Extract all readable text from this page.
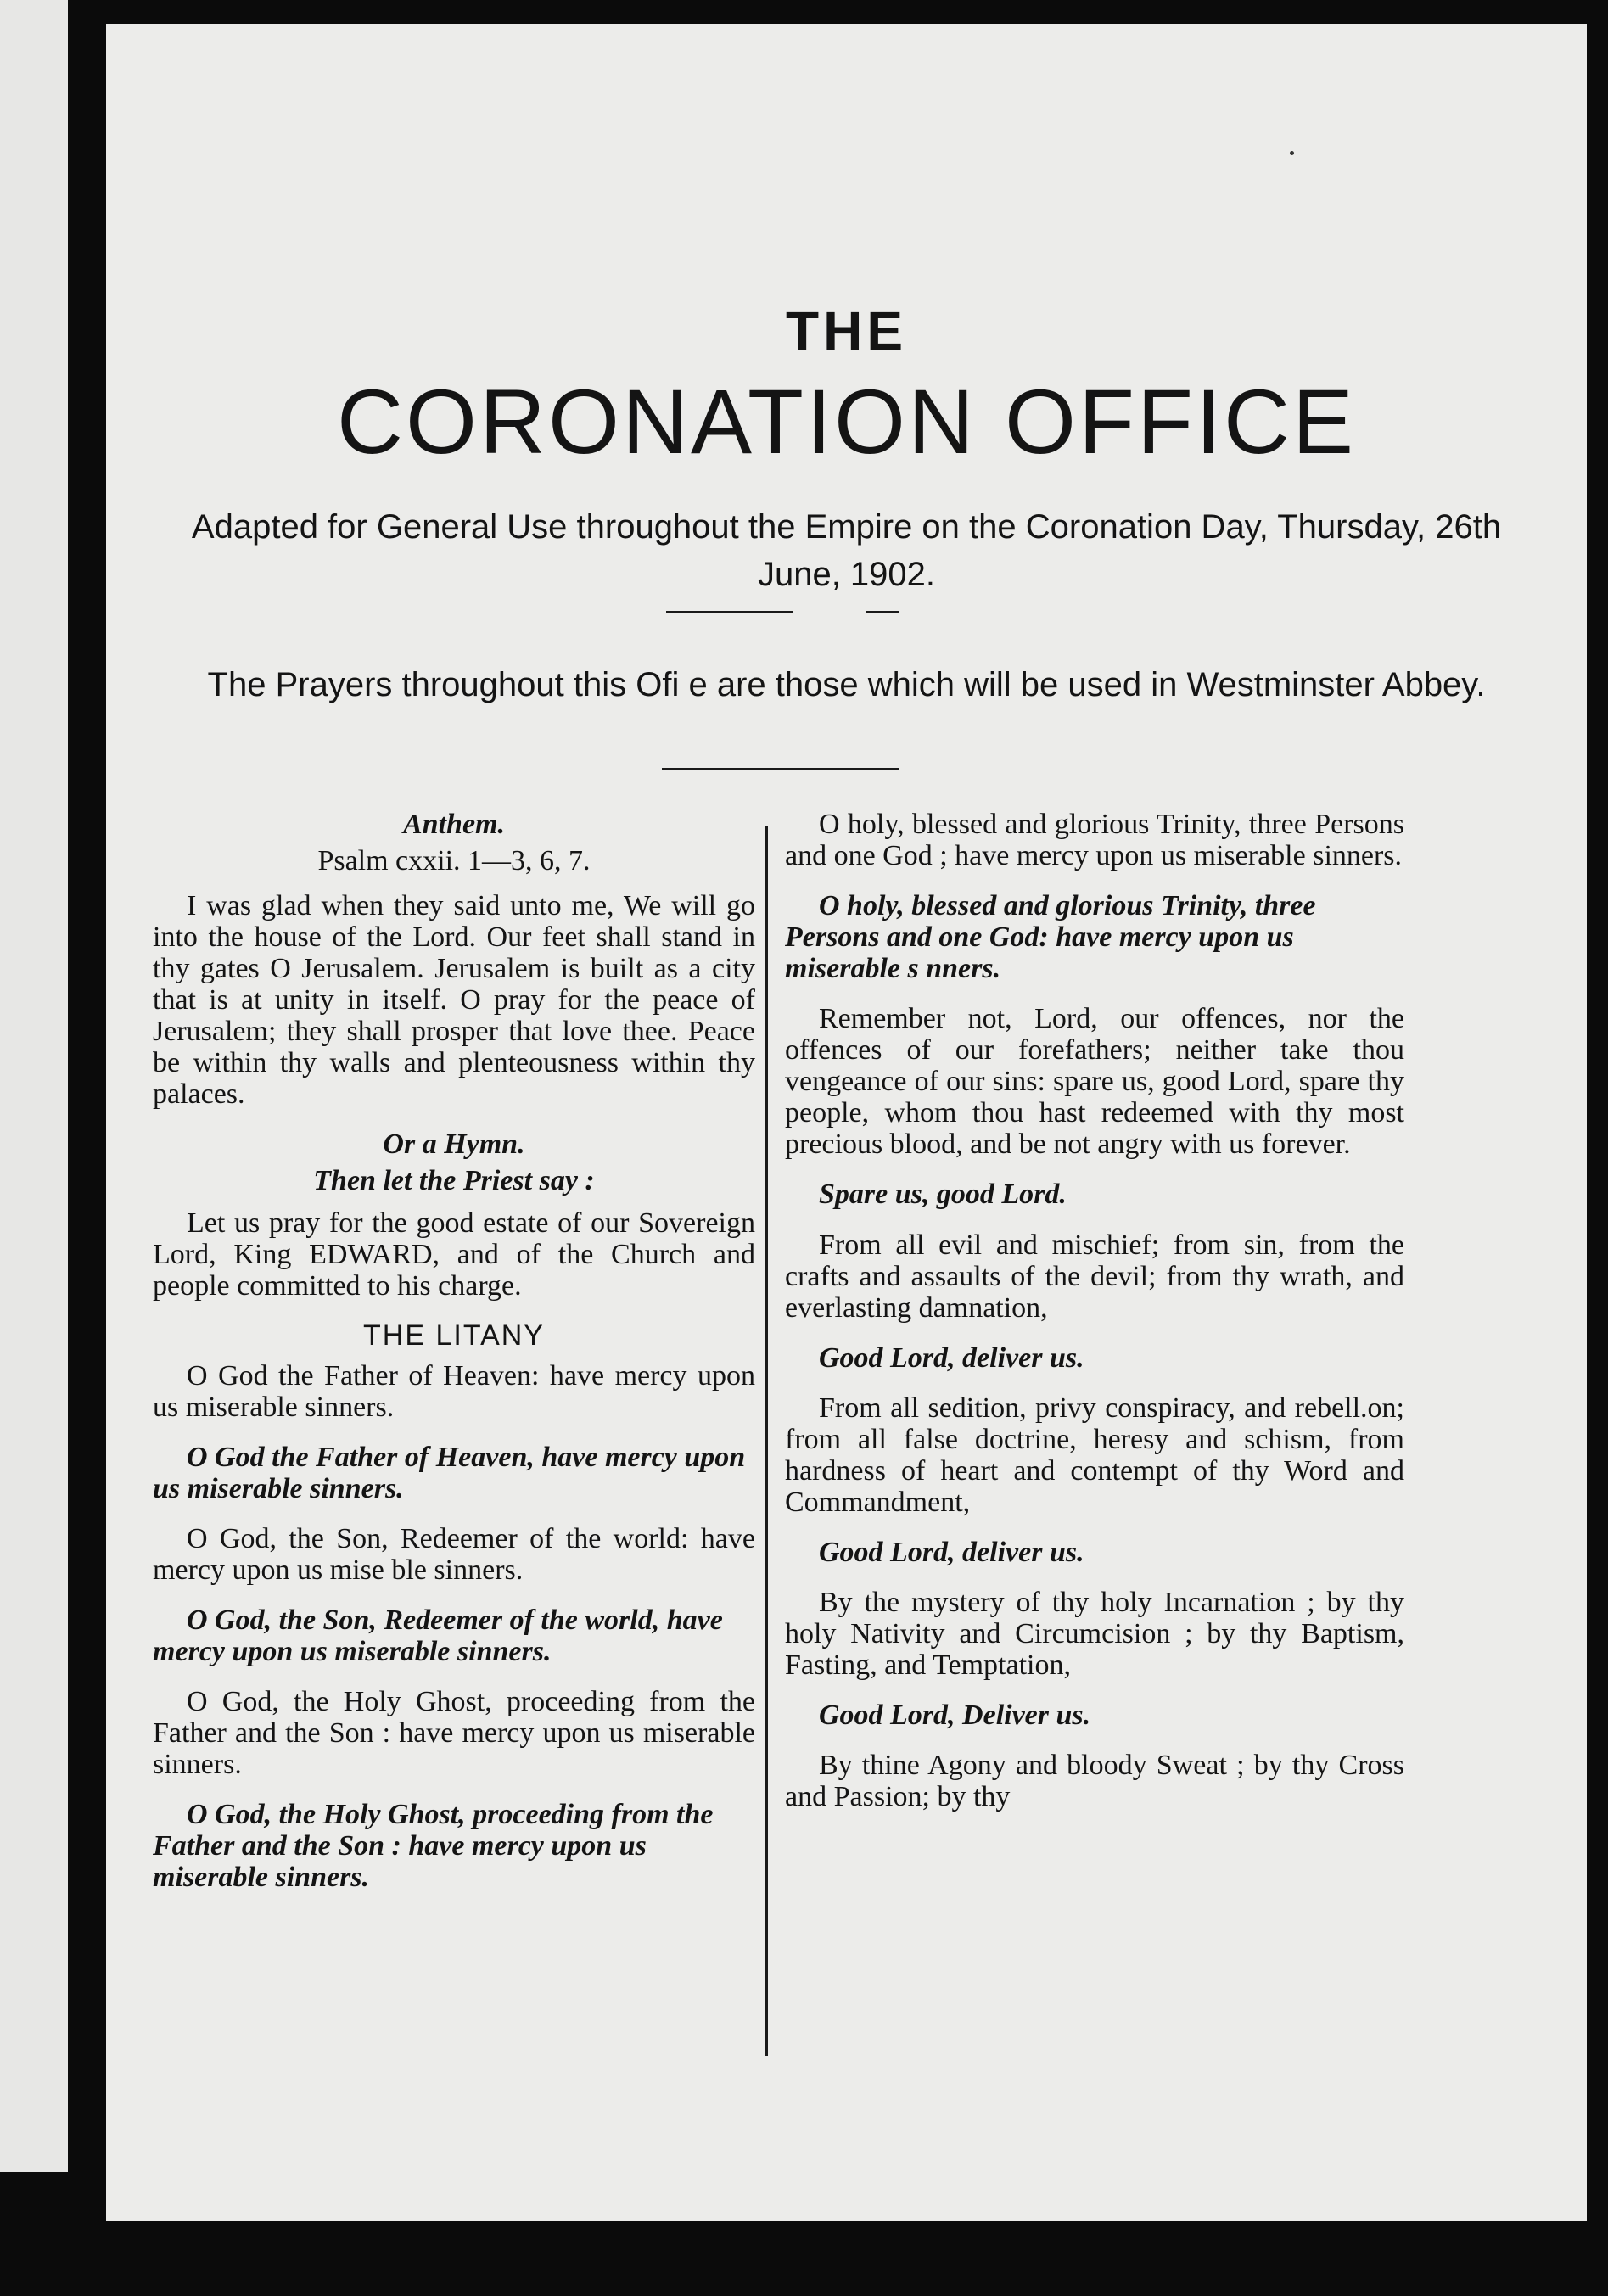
THE
CORONATION OFFICE
Adapted for General Use throughout the Empire on the Coronation Day, Thursday, 26th June, 1902.
The Prayers throughout this Ofi e are those which will be used in Westminster Abbey.

Anthem.

Psalm cxxii. 1—3, 6, 7.

I was glad when they said unto me, We will go into the house of the Lord. Our feet shall stand in thy gates O Jerusalem. Jerusalem is built as a city that is at unity in itself. O pray for the peace of Jerusalem; they shall prosper that love thee. Peace be within thy walls and plenteousness within thy palaces.

Or a Hymn.

Then let the Priest say :

Let us pray for the good estate of our Sovereign Lord, King EDWARD, and of the Church and people committed to his charge.

THE LITANY

O God the Father of Heaven: have mercy upon us miserable sinners.

O God the Father of Heaven, have mercy upon us miserable sinners.

O God, the Son, Redeemer of the world: have mercy upon us mise ble sinners.

O God, the Son, Redeemer of the world, have mercy upon us miserable sinners.

O God, the Holy Ghost, proceeding from the Father and the Son : have mercy upon us miserable sinners.

O God, the Holy Ghost, proceeding from the Father and the Son : have mercy upon us miserable sinners.

O holy, blessed and glorious Trinity, three Persons and one God ; have mercy upon us miserable sinners.

O holy, blessed and glorious Trinity, three Persons and one God: have mercy upon us miserable s nners.

Remember not, Lord, our offences, nor the offences of our forefathers; neither take thou vengeance of our sins: spare us, good Lord, spare thy people, whom thou hast redeemed with thy most precious blood, and be not angry with us forever.

Spare us, good Lord.

From all evil and mischief; from sin, from the crafts and assaults of the devil; from thy wrath, and everlasting damnation,

Good Lord, deliver us.

From all sedition, privy conspiracy, and rebell.on; from all false doctrine, heresy and schism, from hardness of heart and contempt of thy Word and Commandment,

Good Lord, deliver us.

By the mystery of thy holy Incarnation ; by thy holy Nativity and Circumcision ; by thy Baptism, Fasting, and Temptation,

Good Lord, Deliver us.

By thine Agony and bloody Sweat ; by thy Cross and Passion; by thy
